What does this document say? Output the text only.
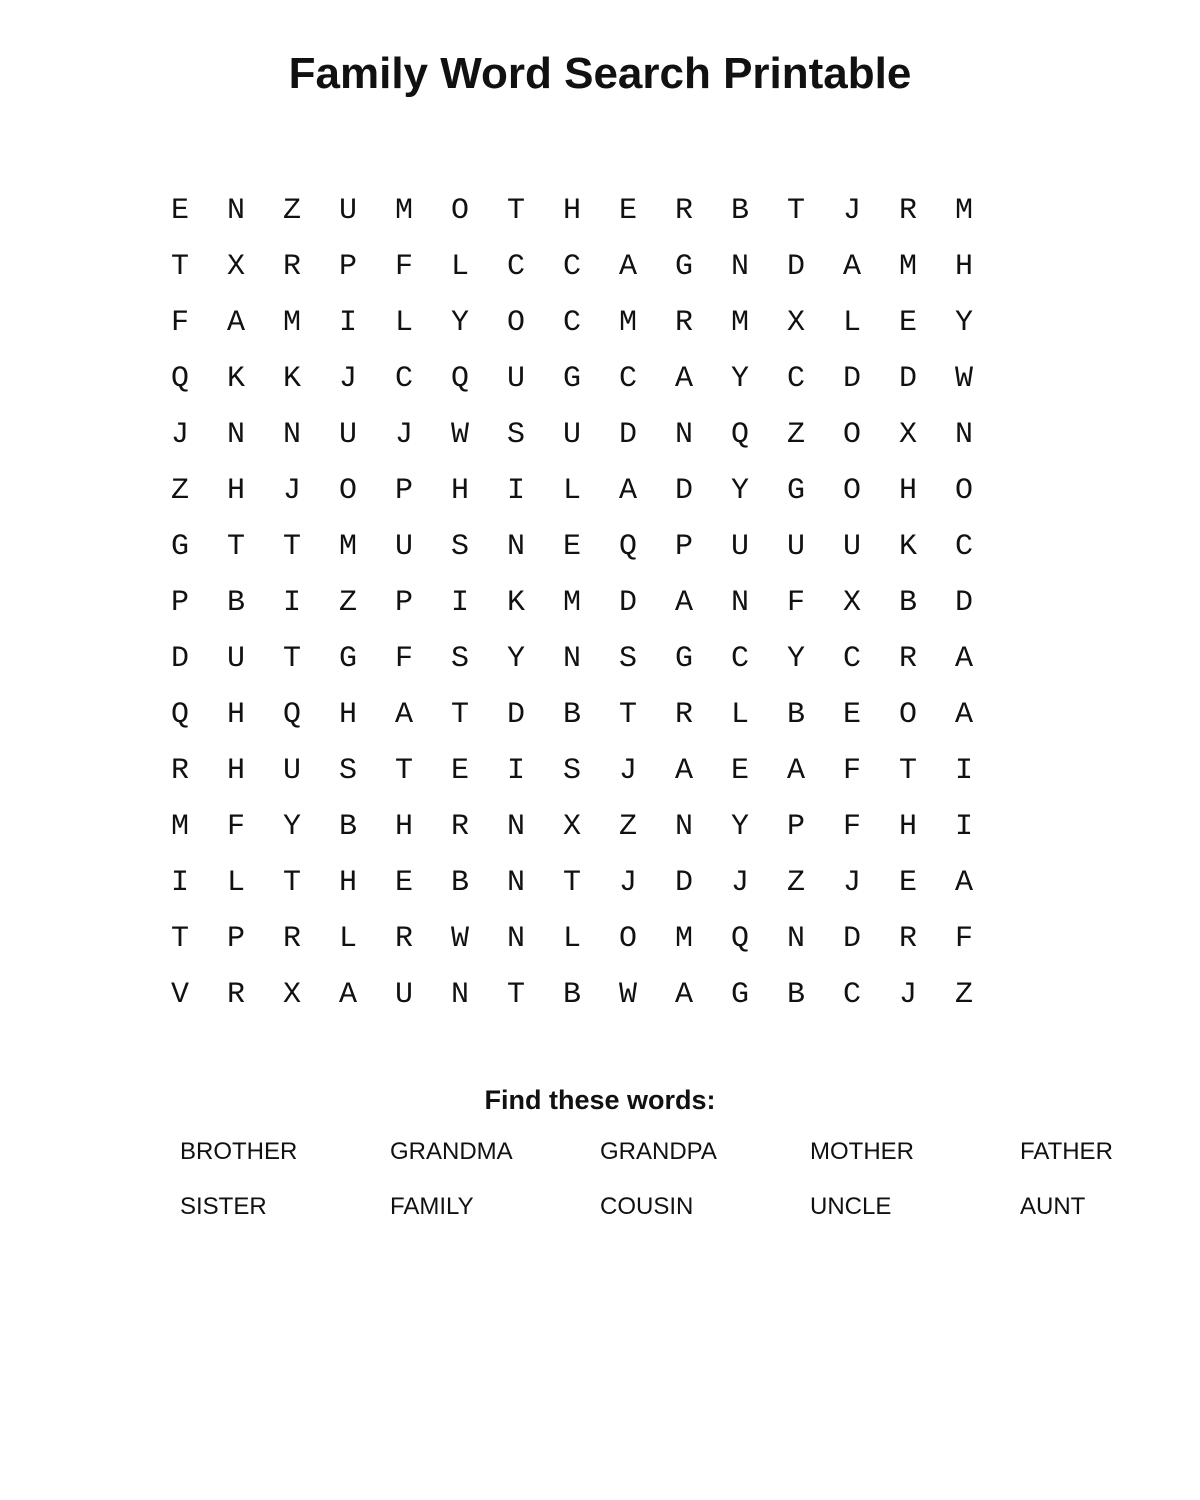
Family Word Search Printable
E	N	Z	U	M	O	T	H	E	R	B	T	J	R	M
T	X	R	P	F	L	C	C	A	G	N	D	A	M	H
F	A	M	I	L	Y	O	C	M	R	M	X	L	E	Y
Q	K	K	J	C	Q	U	G	C	A	Y	C	D	D	W
J	N	N	U	J	W	S	U	D	N	Q	Z	O	X	N
Z	H	J	O	P	H	I	L	A	D	Y	G	O	H	O
G	T	T	M	U	S	N	E	Q	P	U	U	U	K	C
P	B	I	Z	P	I	K	M	D	A	N	F	X	B	D
D	U	T	G	F	S	Y	N	S	G	C	Y	C	R	A
Q	H	Q	H	A	T	D	B	T	R	L	B	E	O	A
R	H	U	S	T	E	I	S	J	A	E	A	F	T	I
M	F	Y	B	H	R	N	X	Z	N	Y	P	F	H	I
I	L	T	H	E	B	N	T	J	D	J	Z	J	E	A
T	P	R	L	R	W	N	L	O	M	Q	N	D	R	F
V	R	X	A	U	N	T	B	W	A	G	B	C	J	Z
Find these words:
BROTHER	GRANDMA	GRANDPA	MOTHER	FATHER
SISTER	FAMILY	COUSIN	UNCLE	AUNT
